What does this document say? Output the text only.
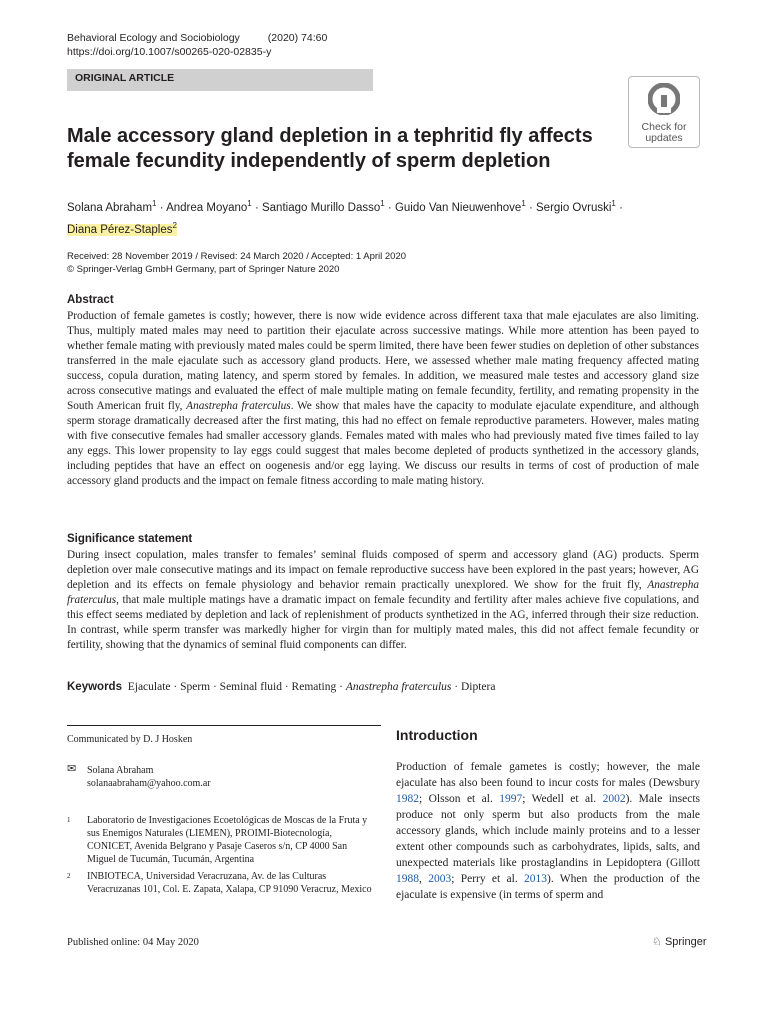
Behavioral Ecology and Sociobiology	(2020) 74:60
https://doi.org/10.1007/s00265-020-02835-y
ORIGINAL ARTICLE
Check for
updates
Male accessory gland depletion in a tephritid fly affects female fecundity independently of sperm depletion
Solana Abraham$^1$ · Andrea Moyano$^1$ · Santiago Murillo Dasso$^1$ · Guido Van Nieuwenhove$^1$ · Sergio Ovruski$^1$ ·
Diana Pérez-Staples$^2$
Received: 28 November 2019 / Revised: 24 March 2020 / Accepted: 1 April 2020
© Springer-Verlag GmbH Germany, part of Springer Nature 2020
Abstract
Production of female gametes is costly; however, there is now wide evidence across different taxa that male ejaculates are also limiting. Thus, multiply mated males may need to partition their ejaculate across successive matings. While more attention has been payed to whether female mating with previously mated males could be sperm limited, there have been fewer studies on depletion of other substances transferred in the male ejaculate such as accessory gland products. Here, we assessed whether male mating frequency affected mating success, copula duration, mating latency, and sperm stored by females. In addition, we measured male testes and accessory gland size across consecutive matings and evaluated the effect of male multiple mating on female fecundity, fertility, and remating propensity in the South American fruit fly, Anastrepha fraterculus. We show that males have the capacity to modulate ejaculate expenditure, and although sperm storage dramatically decreased after the first mating, this had no effect on female reproductive parameters. However, males mating with five consecutive females had smaller accessory glands. Females mated with males who had previously mated five times failed to lay any eggs. This lower propensity to lay eggs could suggest that males become depleted of products synthetized in the accessory glands, including peptides that have an effect on oogenesis and/or egg laying. We discuss our results in terms of cost of production of male accessory gland products and the impact on female fitness according to male mating history.
Significance statement
During insect copulation, males transfer to females’ seminal fluids composed of sperm and accessory gland (AG) products. Sperm depletion over male consecutive matings and its impact on female reproductive success have been explored in the past years; however, AG depletion and its effects on female physiology and behavior remain practically unexplored. We show for the fruit fly, Anastrepha fraterculus, that male multiple matings have a dramatic impact on female fecundity and fertility after males achieve five copulations, and this effect seems mediated by depletion and lack of replenishment of products synthetized in the AG, inferred through their size reduction. In contrast, while sperm transfer was markedly higher for virgin than for multiply mated males, this did not affect female fecundity or fertility, showing that the dynamics of seminal fluid components can differ.
Keywords Ejaculate · Sperm · Seminal fluid · Remating · Anastrepha fraterculus · Diptera
Communicated by D. J Hosken
✉ Solana Abraham
solanaabraham@yahoo.com.ar
1 Laboratorio de Investigaciones Ecoetológicas de Moscas de la Fruta y sus Enemigos Naturales (LIEMEN), PROIMI-Biotecnología, CONICET, Avenida Belgrano y Pasaje Caseros s/n, CP 4000 San Miguel de Tucumán, Tucumán, Argentina
2 INBIOTECA, Universidad Veracruzana, Av. de las Culturas Veracruzanas 101, Col. E. Zapata, Xalapa, CP 91090 Veracruz, Mexico
Introduction
Production of female gametes is costly; however, the male ejaculate has also been found to incur costs for males (Dewsbury 1982; Olsson et al. 1997; Wedell et al. 2002). Male insects produce not only sperm but also products from the male accessory glands, which include mainly proteins and to a lesser extent other compounds such as carbohydrates, lipids, salts, and unexpected materials like prostaglandins in Lepidoptera (Gillott 1988, 2003; Perry et al. 2013). When the production of the ejaculate is expensive (in terms of sperm and
Published online: 04 May 2020	♘ Springer
